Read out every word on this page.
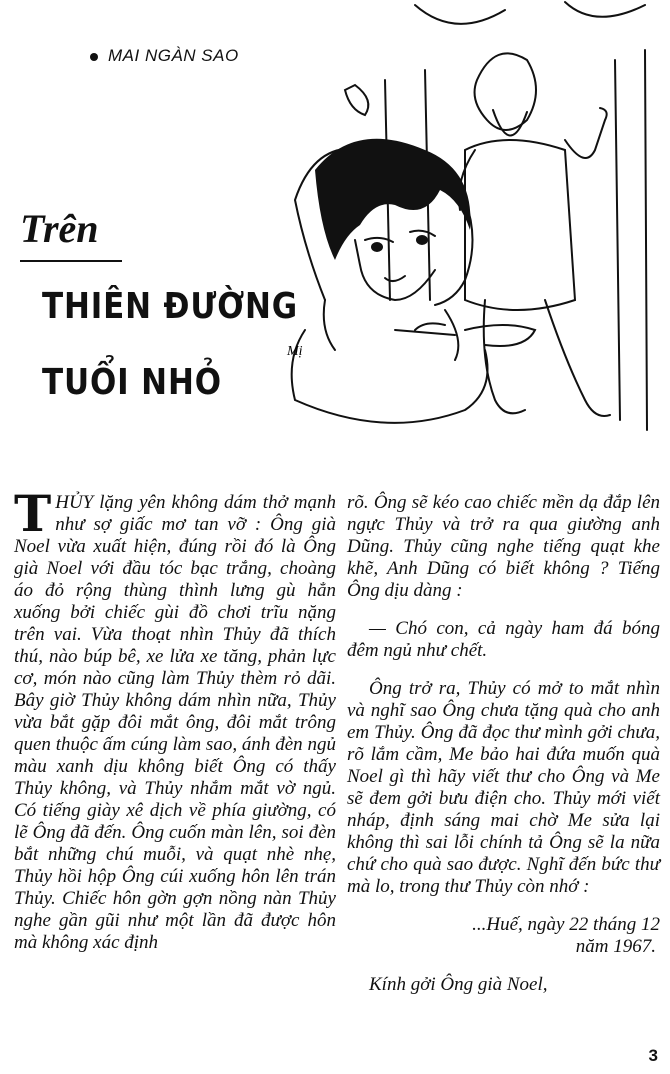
MAI NGÀN SAO
Trên
THIÊN ĐƯỜNG
TUỔI NHỎ
Mị

THỦY lặng yên không dám thở mạnh như sợ giấc mơ tan vỡ : Ông già Noel vừa xuất hiện, đúng rồi đó là Ông già Noel với đầu tóc bạc trắng, choàng áo đỏ rộng thùng thình lưng gù hẳn xuống bởi chiếc gùi đồ chơi trĩu nặng trên vai. Vừa thoạt nhìn Thủy đã thích thú, nào búp bê, xe lửa xe tăng, phản lực cơ, món nào cũng làm Thủy thèm rỏ dãi. Bây giờ Thủy không dám nhìn nữa, Thủy vừa bắt gặp đôi mắt ông, đôi mắt trông quen thuộc ấm cúng làm sao, ánh đèn ngủ màu xanh dịu không biết Ông có thấy Thủy không, và Thủy nhắm mắt vờ ngủ. Có tiếng giày xê dịch về phía giường, có lẽ Ông đã đến. Ông cuốn màn lên, soi đèn bắt những chú muỗi, và quạt nhè nhẹ, Thủy hồi hộp Ông cúi xuống hôn lên trán Thủy. Chiếc hôn gờn gợn nồng nàn Thủy nghe gần gũi như một lần đã được hôn mà không xác định

rõ. Ông sẽ kéo cao chiếc mền dạ đắp lên ngực Thủy và trở ra qua giường anh Dũng. Thủy cũng nghe tiếng quạt khe khẽ, Anh Dũng có biết không ? Tiếng Ông dịu dàng :

— Chó con, cả ngày ham đá bóng đêm ngủ như chết.

Ông trở ra, Thủy có mở to mắt nhìn và nghĩ sao Ông chưa tặng quà cho anh em Thủy. Ông đã đọc thư mình gởi chưa, rõ lắm cầm, Me bảo hai đứa muốn quà Noel gì thì hãy viết thư cho Ông và Me sẽ đem gởi bưu điện cho. Thủy mới viết nháp, định sáng mai chờ Me sửa lại không thì sai lỗi chính tả Ông sẽ la nữa chứ cho quà sao được. Nghĩ đến bức thư mà lo, trong thư Thủy còn nhớ :

...Huế, ngày 22 tháng 12
năm 1967.

Kính gởi Ông già Noel,

3
